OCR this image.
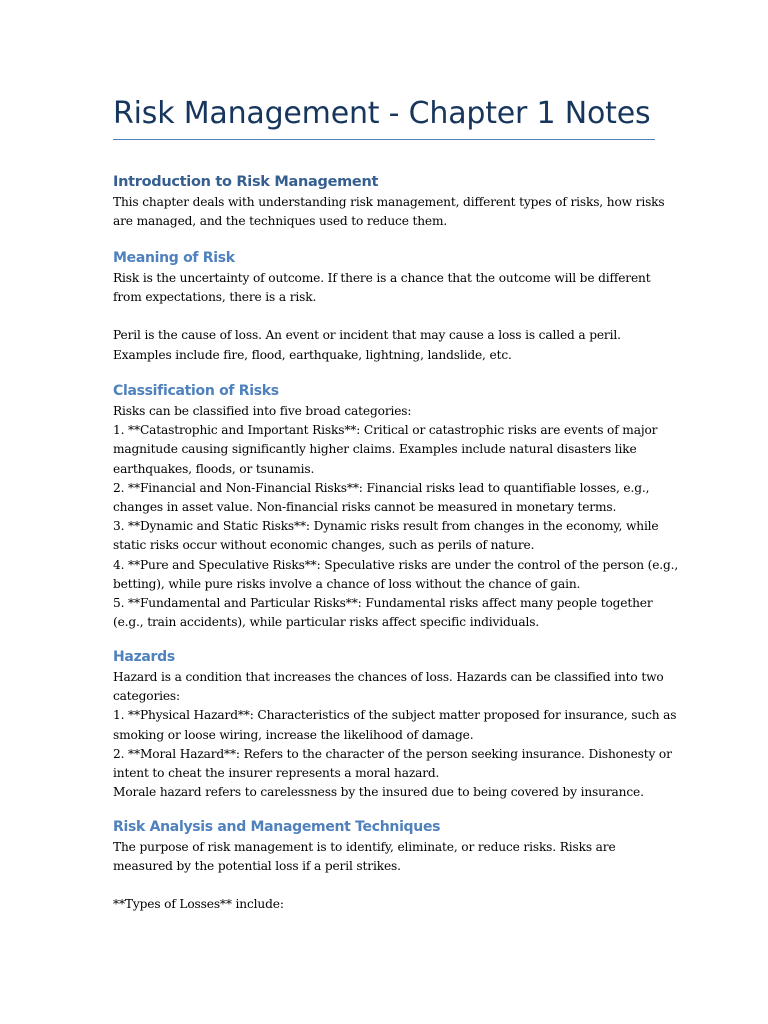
Risk Management - Chapter 1 Notes
Introduction to Risk Management
This chapter deals with understanding risk management, different types of risks, how risks
are managed, and the techniques used to reduce them.
Meaning of Risk
Risk is the uncertainty of outcome. If there is a chance that the outcome will be different
from expectations, there is a risk.
Peril is the cause of loss. An event or incident that may cause a loss is called a peril.
Examples include fire, flood, earthquake, lightning, landslide, etc.
Classification of Risks
Risks can be classified into five broad categories:
1. **Catastrophic and Important Risks**: Critical or catastrophic risks are events of major
magnitude causing significantly higher claims. Examples include natural disasters like
earthquakes, floods, or tsunamis.
2. **Financial and Non-Financial Risks**: Financial risks lead to quantifiable losses, e.g.,
changes in asset value. Non-financial risks cannot be measured in monetary terms.
3. **Dynamic and Static Risks**: Dynamic risks result from changes in the economy, while
static risks occur without economic changes, such as perils of nature.
4. **Pure and Speculative Risks**: Speculative risks are under the control of the person (e.g.,
betting), while pure risks involve a chance of loss without the chance of gain.
5. **Fundamental and Particular Risks**: Fundamental risks affect many people together
(e.g., train accidents), while particular risks affect specific individuals.
Hazards
Hazard is a condition that increases the chances of loss. Hazards can be classified into two
categories:
1. **Physical Hazard**: Characteristics of the subject matter proposed for insurance, such as
smoking or loose wiring, increase the likelihood of damage.
2. **Moral Hazard**: Refers to the character of the person seeking insurance. Dishonesty or
intent to cheat the insurer represents a moral hazard.
Morale hazard refers to carelessness by the insured due to being covered by insurance.
Risk Analysis and Management Techniques
The purpose of risk management is to identify, eliminate, or reduce risks. Risks are
measured by the potential loss if a peril strikes.
**Types of Losses** include:
